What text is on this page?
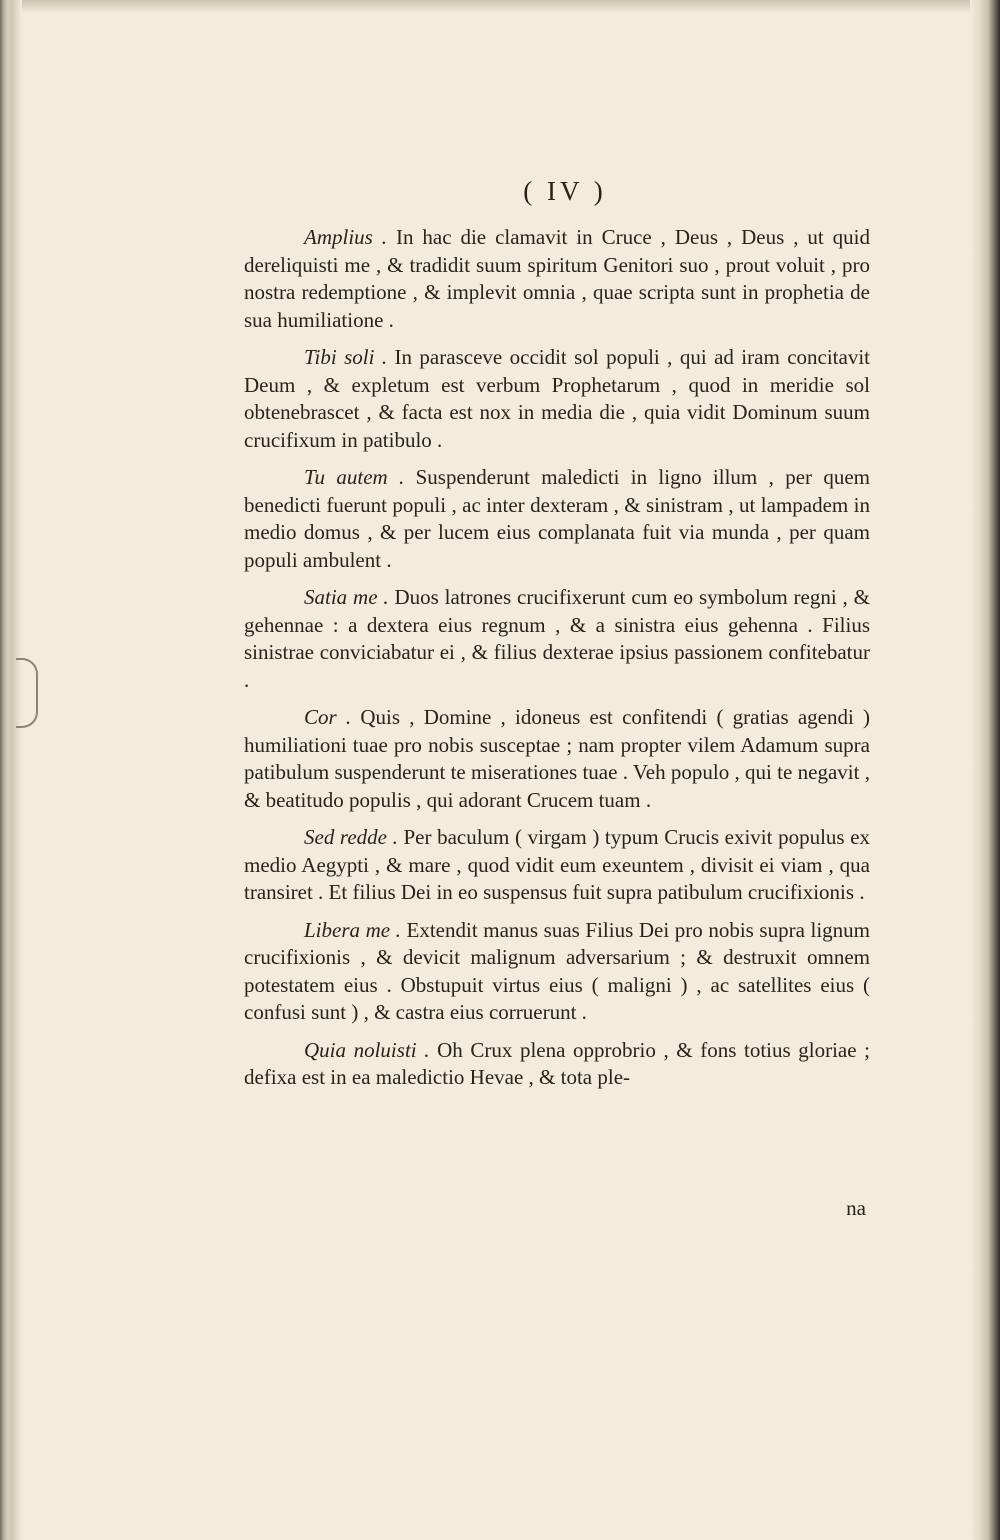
( IV )

Amplius . In hac die clamavit in Cruce , Deus , Deus , ut quid dereliquisti me , & tradidit suum spiritum Genitori suo , prout voluit , pro nostra redemptione , & implevit omnia , quae scripta sunt in prophetia de sua humiliatione .

Tibi soli . In parasceve occidit sol populi , qui ad iram concitavit Deum , & expletum est verbum Prophetarum , quod in meridie sol obtenebrascet , & facta est nox in media die , quia vidit Dominum suum crucifixum in patibulo .

Tu autem . Suspenderunt maledicti in ligno illum , per quem benedicti fuerunt populi , ac inter dexteram , & sinistram , ut lampadem in medio domus , & per lucem eius complanata fuit via munda , per quam populi ambulent .

Satia me . Duos latrones crucifixerunt cum eo symbolum regni , & gehennae : a dextera eius regnum , & a sinistra eius gehenna . Filius sinistrae conviciabatur ei , & filius dexterae ipsius passionem confitebatur .

Cor . Quis , Domine , idoneus est confitendi ( gratias agendi ) humiliationi tuae pro nobis susceptae ; nam propter vilem Adamum supra patibulum suspenderunt te miserationes tuae . Veh populo , qui te negavit , & beatitudo populis , qui adorant Crucem tuam .

Sed redde . Per baculum ( virgam ) typum Crucis exivit populus ex medio Aegypti , & mare , quod vidit eum exeuntem , divisit ei viam , qua transiret . Et filius Dei in eo suspensus fuit supra patibulum crucifixionis .

Libera me . Extendit manus suas Filius Dei pro nobis supra lignum crucifixionis , & devicit malignum adversarium ; & destruxit omnem potestatem eius . Obstupuit virtus eius ( maligni ) , ac satellites eius ( confusi sunt ) , & castra eius corruerunt .

Quia noluisti . Oh Crux plena opprobrio , & fons totius gloriae ; defixa est in ea maledictio Hevae , & tota ple-

na
